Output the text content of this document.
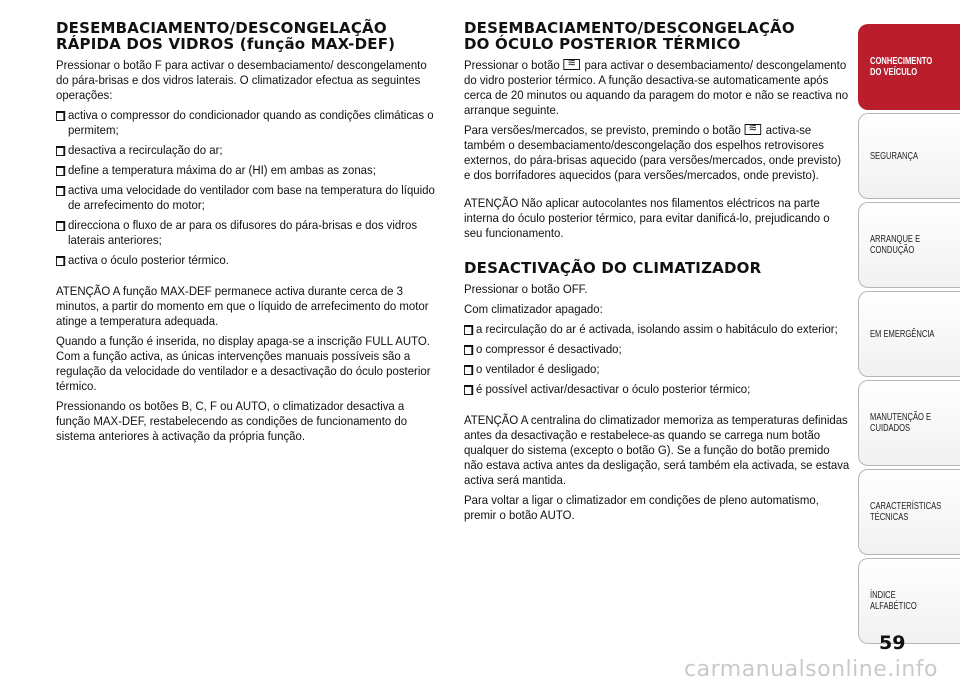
DESEMBACIAMENTO/DESCONGELAÇÃO
RÁPIDA DOS VIDROS (função MAX-DEF)

Pressionar o botão F para activar o desembaciamento/ descongelamento do pára-brisas e dos vidros laterais. O climatizador efectua as seguintes operações:

activa o compressor do condicionador quando as condições climáticas o permitem;
desactiva a recirculação do ar;
define a temperatura máxima do ar (HI) em ambas as zonas;
activa uma velocidade do ventilador com base na temperatura do líquido de arrefecimento do motor;
direcciona o fluxo de ar para os difusores do pára-brisas e dos vidros laterais anteriores;
activa o óculo posterior térmico.

ATENÇÃO A função MAX-DEF permanece activa durante cerca de 3 minutos, a partir do momento em que o líquido de arrefecimento do motor atinge a temperatura adequada.

Quando a função é inserida, no display apaga-se a inscrição FULL AUTO. Com a função activa, as únicas intervenções manuais possíveis são a regulação da velocidade do ventilador e a desactivação do óculo posterior térmico.

Pressionando os botões B, C, F ou AUTO, o climatizador desactiva a função MAX-DEF, restabelecendo as condições de funcionamento do sistema anteriores à activação da própria função.

DESEMBACIAMENTO/DESCONGELAÇÃO
DO ÓCULO POSTERIOR TÉRMICO

Pressionar o botão ≋ para activar o desembaciamento/ descongelamento do vidro posterior térmico. A função desactiva-se automaticamente após cerca de 20 minutos ou aquando da paragem do motor e não se reactiva no arranque seguinte.

Para versões/mercados, se previsto, premindo o botão ≋ activa-se também o desembaciamento/descongelação dos espelhos retrovisores externos, do pára-brisas aquecido (para versões/mercados, onde previsto) e dos borrifadores aquecidos (para versões/mercados, onde previsto).

ATENÇÃO Não aplicar autocolantes nos filamentos eléctricos na parte interna do óculo posterior térmico, para evitar danificá-lo, prejudicando o seu funcionamento.

DESACTIVAÇÃO DO CLIMATIZADOR

Pressionar o botão OFF.

Com climatizador apagado:

a recirculação do ar é activada, isolando assim o habitáculo do exterior;
o compressor é desactivado;
o ventilador é desligado;
é possível activar/desactivar o óculo posterior térmico;

ATENÇÃO A centralina do climatizador memoriza as temperaturas definidas antes da desactivação e restabelece-as quando se carrega num botão qualquer do sistema (excepto o botão G). Se a função do botão premido não estava activa antes da desligação, será também ela activada, se estava activa será mantida.

Para voltar a ligar o climatizador em condições de pleno automatismo, premir o botão AUTO.

CONHECIMENTO
DO VEÍCULO
SEGURANÇA
ARRANQUE E
CONDUÇÃO
EM EMERGÊNCIA
MANUTENÇÃO E
CUIDADOS
CARACTERÍSTICAS
TÉCNICAS
ÍNDICE ALFABÉTICO
59
carmanualsonline.info
